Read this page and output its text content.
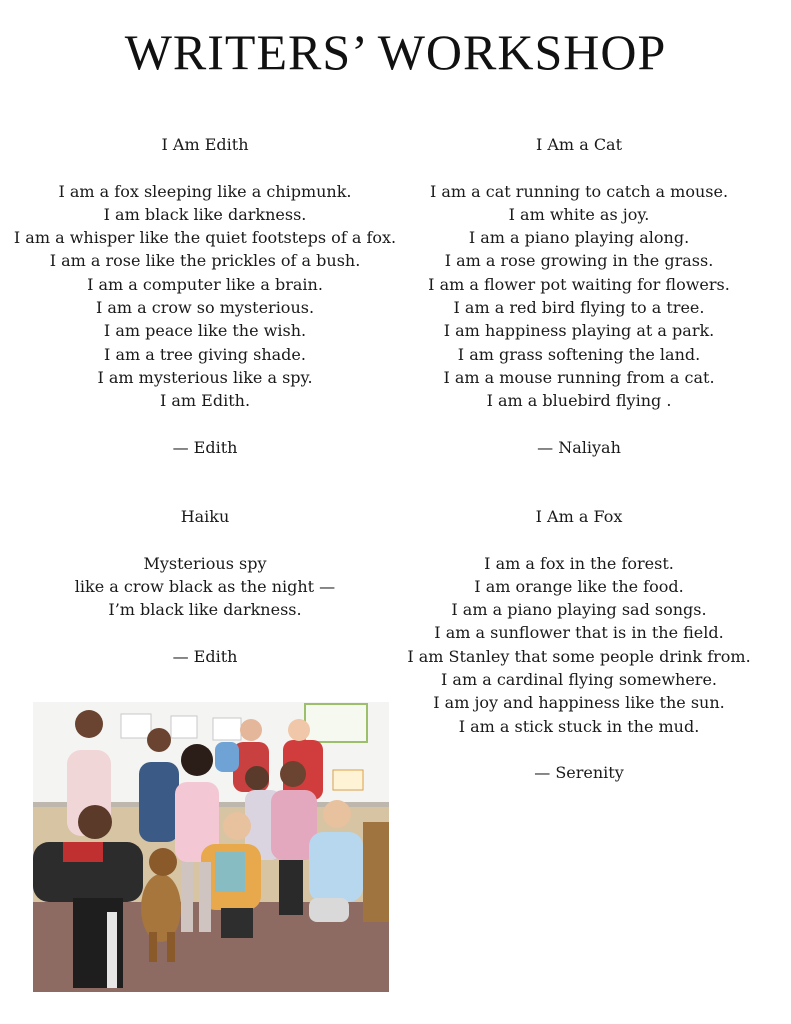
WRITERS’ WORKSHOP
I Am Edith
I am a fox sleeping like a chipmunk.
I am black like darkness.
I am a whisper like the quiet footsteps of a fox.
I am a rose like the prickles of a bush.
I am a computer like a brain.
I am a crow so mysterious.
I am peace like the wish.
I am a tree giving shade.
I am mysterious like a spy.
I am Edith.
— Edith
I Am a Cat
I am a cat running to catch a mouse.
I am white as joy.
I am a piano playing along.
I am a rose growing in the grass.
I am a flower pot waiting for flowers.
I am a red bird flying to a tree.
I am happiness playing at a park.
I am grass softening the land.
I am a mouse running from a cat.
I am a bluebird flying .
— Naliyah
Haiku
Mysterious spy
like a crow black as the night —
I’m black like darkness.
— Edith
I Am a Fox
I am a fox in the forest.
I am orange like the food.
I am a piano playing sad songs.
I am a sunflower that is in the field.
I am Stanley that some people drink from.
I am a cardinal flying somewhere.
I am joy and happiness like the sun.
I am a stick stuck in the mud.
— Serenity
